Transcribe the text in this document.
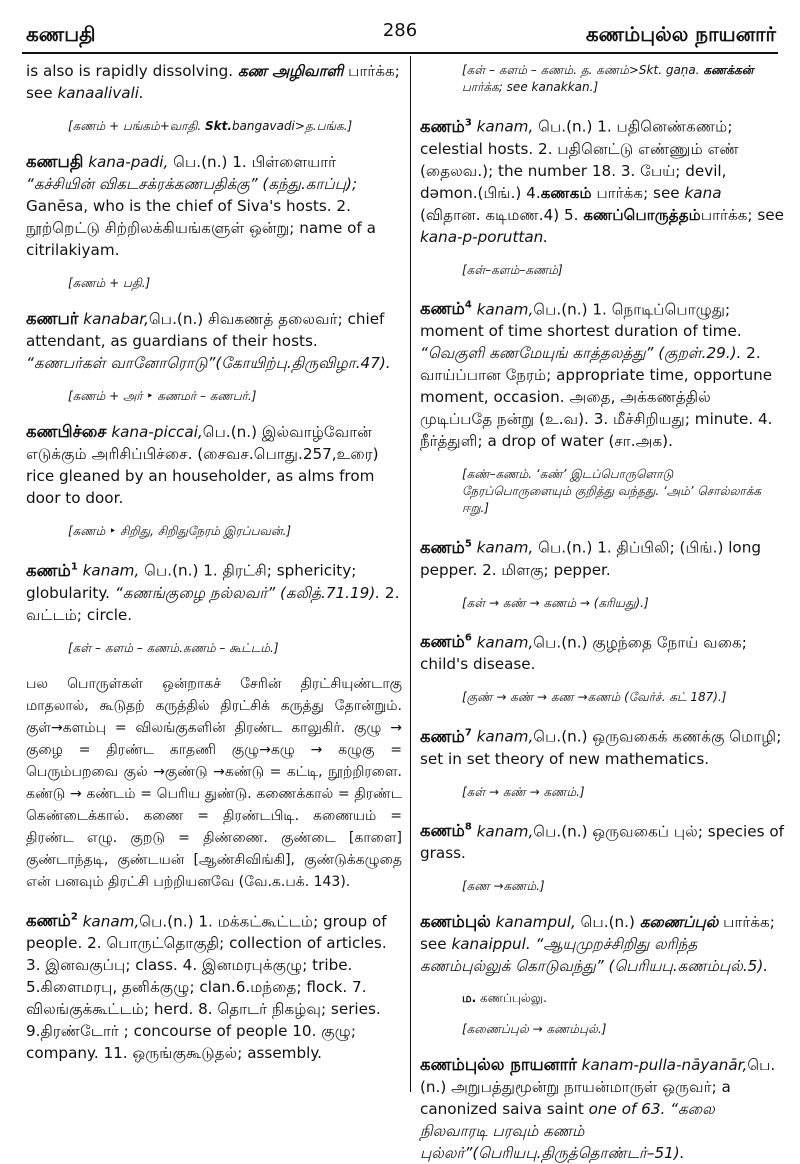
கணபதி	286	கணம்புல்ல நாயனார்
is also is rapidly dissolving. கண அழிவாளி பார்க்க; see kanaalivali.
[கணம் + பங்கம்+வாதி. Skt.bangavadi>த.பங்க.]
கணபதி kana-padi, பெ.(n.) 1. பிள்ளையார் “கச்சியின் விகடசக்ரக்கணபதிக்கு” (கந்து.காப்பு); Ganēsa, who is the chief of Siva's hosts. 2. நூற்றெட்டு சிற்றிலக்கியங்களுள் ஒன்று; name of a citrilakiyam.
[கணம் + பதி.]
கணபர் kanabar,பெ.(n.) சிவகணத் தலைவர்; chief attendant, as guardians of their hosts. “கணபர்கள் வானோரொடு”(கோயிற்பு.திருவிழா.47).
[கணம் + அர் ‣ கணமர் – கணபர்.]
கணபிச்சை kana-piccai,பெ.(n.) இல்வாழ்வோன் எடுக்கும் அரிசிப்பிச்சை. (சைவச.பொது.257,உரை) rice gleaned by an householder, as alms from door to door.
[கணம் ‣ சிறிது, சிறிதுநேரம் இரப்பவன்.]
கணம்$^1$ kanam, பெ.(n.) 1. திரட்சி; sphericity; globularity. “கணங்குழை நல்லவர்” (கலித்.71.19). 2. வட்டம்; circle.
[கள் – களம் – கணம்.கணம் – கூட்டம்.]
பல பொருள்கள் ஒன்றாகச் சேரின் திரட்சியுண்டாகு மாதலால், கூடுதற் கருத்தில் திரட்சிக் கருத்து தோன்றும். குள்→களம்பு = விலங்குகளின் திரண்ட காலுகிர். குழு → குழை = திரண்ட காதணி குழு→கழு → கழுகு = பெரும்பறவை குல் →குண்டு →கண்டு = கட்டி, நூற்றிரளை. கண்டு → கண்டம் = பெரிய துண்டு. கணைக்கால் = திரண்ட கெண்டைக்கால். கணை = திரண்டபிடி. கணையம் = திரண்ட எழு. குறடு = திண்ணை. குண்டை [காளை] குண்டாந்தடி, குண்டயன் [ஆண்சிவிங்கி], குண்டுக்கழுதை என் பனவும் திரட்சி பற்றியனவே (வே.க.பக். 143).
கணம்$^2$ kanam,பெ.(n.) 1. மக்கட்கூட்டம்; group of people. 2. பொருட்தொகுதி; collection of articles. 3. இனவகுப்பு; class. 4. இனமரபுக்குழு; tribe. 5.கிளைமரபு, தனிக்குழு; clan.6.மந்தை; flock. 7. விலங்குக்கூட்டம்; herd. 8. தொடர் நிகழ்வு; series. 9.திரண்டோர் ; concourse of people 10. குழு; company. 11. ஒருங்குகூடுதல்; assembly.
[கள் – களம் – கணம். த. கணம்>Skt. gaṇa. கணக்கன் பார்க்க; see kanakkan.]
கணம்$^3$ kanam, பெ.(n.) 1. பதினெண்கணம்; celestial hosts. 2. பதினெட்டு எண்ணும் எண் (தைலவ.); the number 18. 3. பேய்; devil, dəmon.(பிங்.) 4.கணகம் பார்க்க; see kana (விதான. கடிமண.4) 5. கணப்பொருத்தம்பார்க்க; see kana-p-poruttan.
[கள்–களம்–கணம்]
கணம்$^4$ kanam,பெ.(n.) 1. நொடிப்பொழுது; moment of time shortest duration of time. “வெகுளி கணமேயுங் காத்தலத்து” (குறள்.29.). 2. வாய்ப்பான நேரம்; appropriate time, opportune moment, occasion. அதை, அக்கணத்தில் முடிப்பதே நன்று (உ.வ). 3. மீச்சிறியது; minute. 4. நீர்த்துளி; a drop of water (சா.அக).
[கண்–கணம். ‘கண்’ இடப்பொருளொடு நேரப்பொருளையும் குறித்து வந்தது. ‘அம்’ சொல்லாக்க ஈறு.]
கணம்$^5$ kanam, பெ.(n.) 1. திப்பிலி; (பிங்.) long pepper. 2. மிளகு; pepper.
[கள் → கண் → கணம் → (கரியது).]
கணம்$^6$ kanam,பெ.(n.) குழந்தை நோய் வகை; child's disease.
[குண் → கண் → கண →கணம் (வேர்ச். கட் 187).]
கணம்$^7$ kanam,பெ.(n.) ஒருவகைக் கணக்கு மொழி; set in set theory of new mathematics.
[கள் → கண் → கணம்.]
கணம்$^8$ kanam,பெ.(n.) ஒருவகைப் புல்; species of grass.
[கண →கணம்.]
கணம்புல் kanampul, பெ.(n.) கணைப்புல் பார்க்க; see kanaippul. “ஆயுமுறச்சிறிது லரிந்த கணம்புல்லுக் கொடுவந்து” (பெரியபு.கணம்புல்.5).
ம. கணப்புல்லு.
[கணைப்புல் → கணம்புல்.]
கணம்புல்ல நாயனார் kanam-pulla-nāyanār,பெ.(n.) அறுபத்துமூன்று நாயன்மாருள் ஒருவர்; a canonized saiva saint one of 63. “கலை நிலவாரடி பரவும் கணம் புல்லர்”(பெரியபு.திருத்தொண்டர்–51).
